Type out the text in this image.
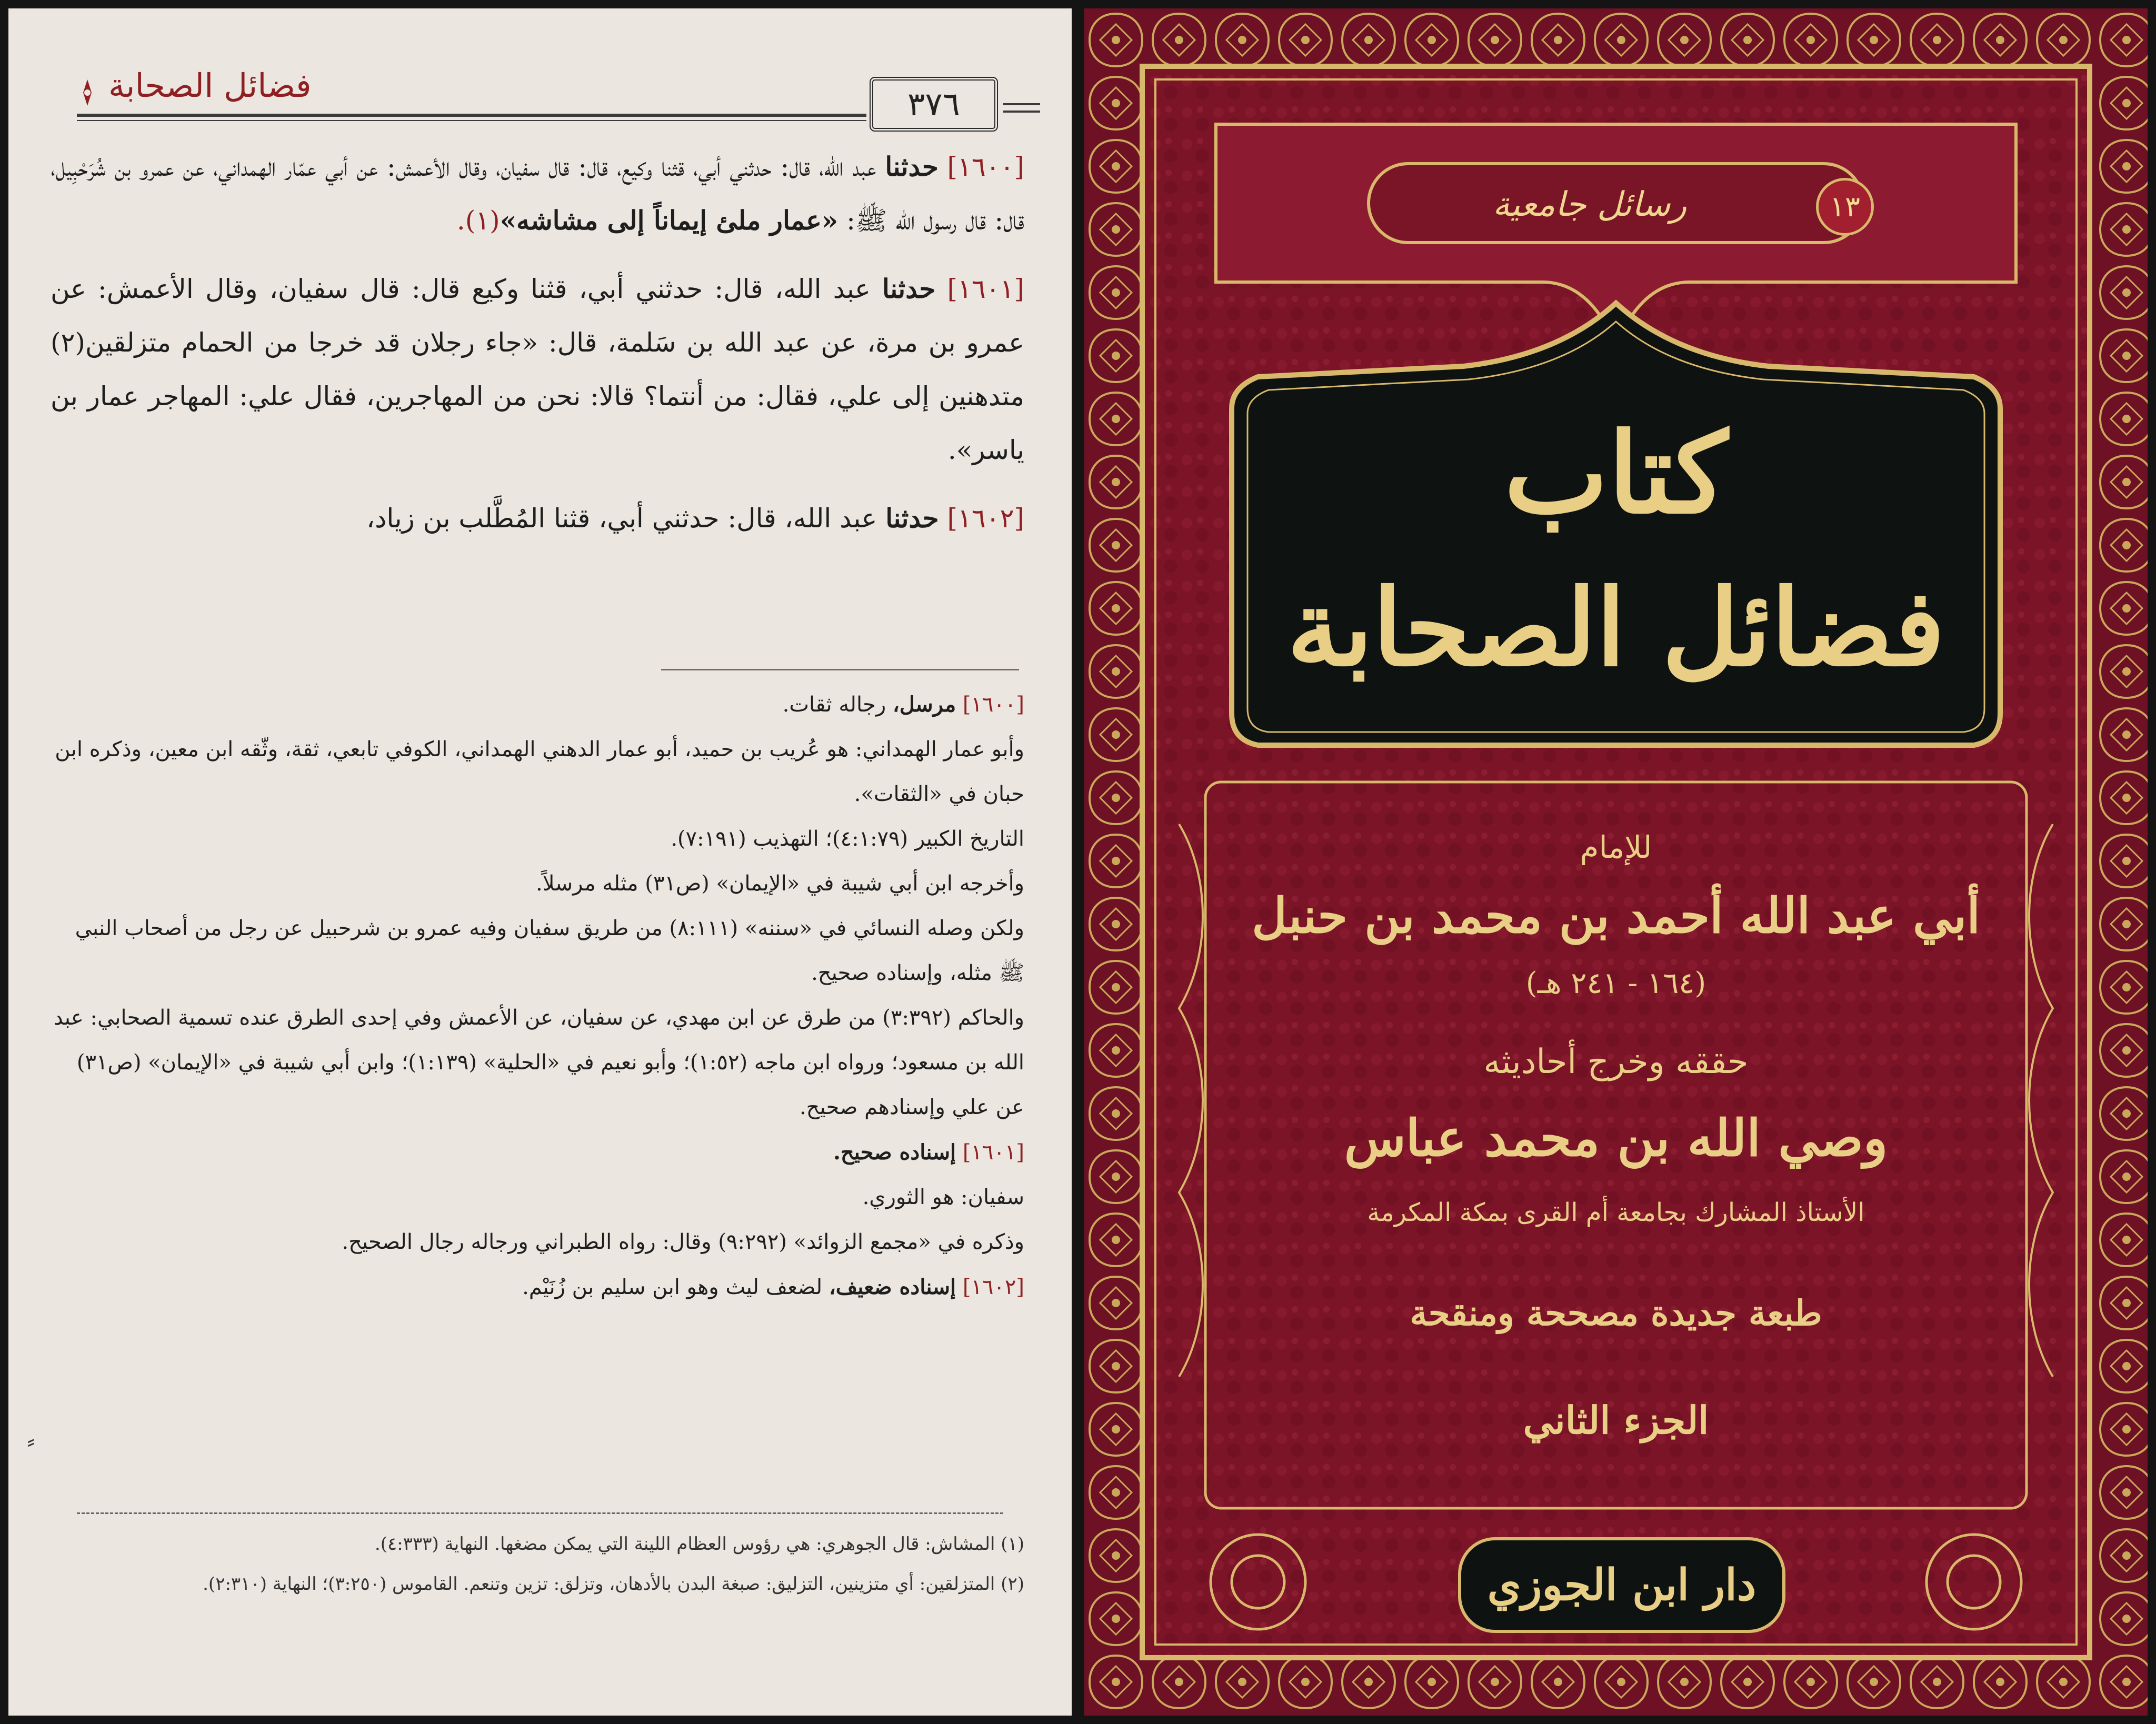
فضائل الصحابة	٣٧٦

[١٦٠٠] حدثنا عبد الله، قال: حدثني أبي، قثنا وكيع، قال: قال سفيان، وقال الأعمش: عن أبي عمّار الهمداني، عن عمرو بن شُرَحْبِيل، قال: قال رسول الله ﷺ: «عمار ملئ إيماناً إلى مشاشه»(١).

[١٦٠١] حدثنا عبد الله، قال: حدثني أبي، قثنا وكيع قال: قال سفيان، وقال الأعمش: عن عمرو بن مرة، عن عبد الله بن سَلمة، قال: «جاء رجلان قد خرجا من الحمام متزلقين(٢) متدهنين إلى علي، فقال: من أنتما؟ قالا: نحن من المهاجرين، فقال علي: المهاجر عمار بن ياسر».

[١٦٠٢] حدثنا عبد الله، قال: حدثني أبي، قثنا المُطَّلب بن زياد،

[١٦٠٠] مرسل، رجاله ثقات.

وأبو عمار الهمداني: هو عُريب بن حميد، أبو عمار الدهني الهمداني، الكوفي تابعي، ثقة، وثّقه ابن معين، وذكره ابن حبان في «الثقات».

التاريخ الكبير (٤:١:٧٩)؛ التهذيب (٧:١٩١).

وأخرجه ابن أبي شيبة في «الإيمان» (ص٣١) مثله مرسلاً.

ولكن وصله النسائي في «سننه» (٨:١١١) من طريق سفيان وفيه عمرو بن شرحبيل عن رجل من أصحاب النبي ﷺ مثله، وإسناده صحيح.

والحاكم (٣:٣٩٢) من طرق عن ابن مهدي، عن سفيان، عن الأعمش وفي إحدى الطرق عنده تسمية الصحابي: عبد الله بن مسعود؛ ورواه ابن ماجه (١:٥٢)؛ وأبو نعيم في «الحلية» (١:١٣٩)؛ وابن أبي شيبة في «الإيمان» (ص٣١) عن علي وإسنادهم صحيح.

[١٦٠١] إسناده صحيح.

سفيان: هو الثوري.

وذكره في «مجمع الزوائد» (٩:٢٩٢) وقال: رواه الطبراني ورجاله رجال الصحيح.

[١٦٠٢] إسناده ضعيف، لضعف ليث وهو ابن سليم بن زُنَيْم.

⸗

(١) المشاش: قال الجوهري: هي رؤوس العظام اللينة التي يمكن مضغها. النهاية (٤:٣٣٣).

(٢) المتزلقين: أي متزينين، التزليق: صبغة البدن بالأدهان، وتزلق: تزين وتنعم. القاموس (٣:٢٥٠)؛ النهاية (٢:٣١٠).

رسائل جامعية	١٣
كتاب
فضائل الصحابة
للإمام
أبي عبد الله أحمد بن محمد بن حنبل
(١٦٤ - ٢٤١ هـ)
حققه وخرج أحاديثه
وصي الله بن محمد عباس
الأستاذ المشارك بجامعة أم القرى بمكة المكرمة
طبعة جديدة مصححة ومنقحة
الجزء الثاني
دار ابن الجوزي
